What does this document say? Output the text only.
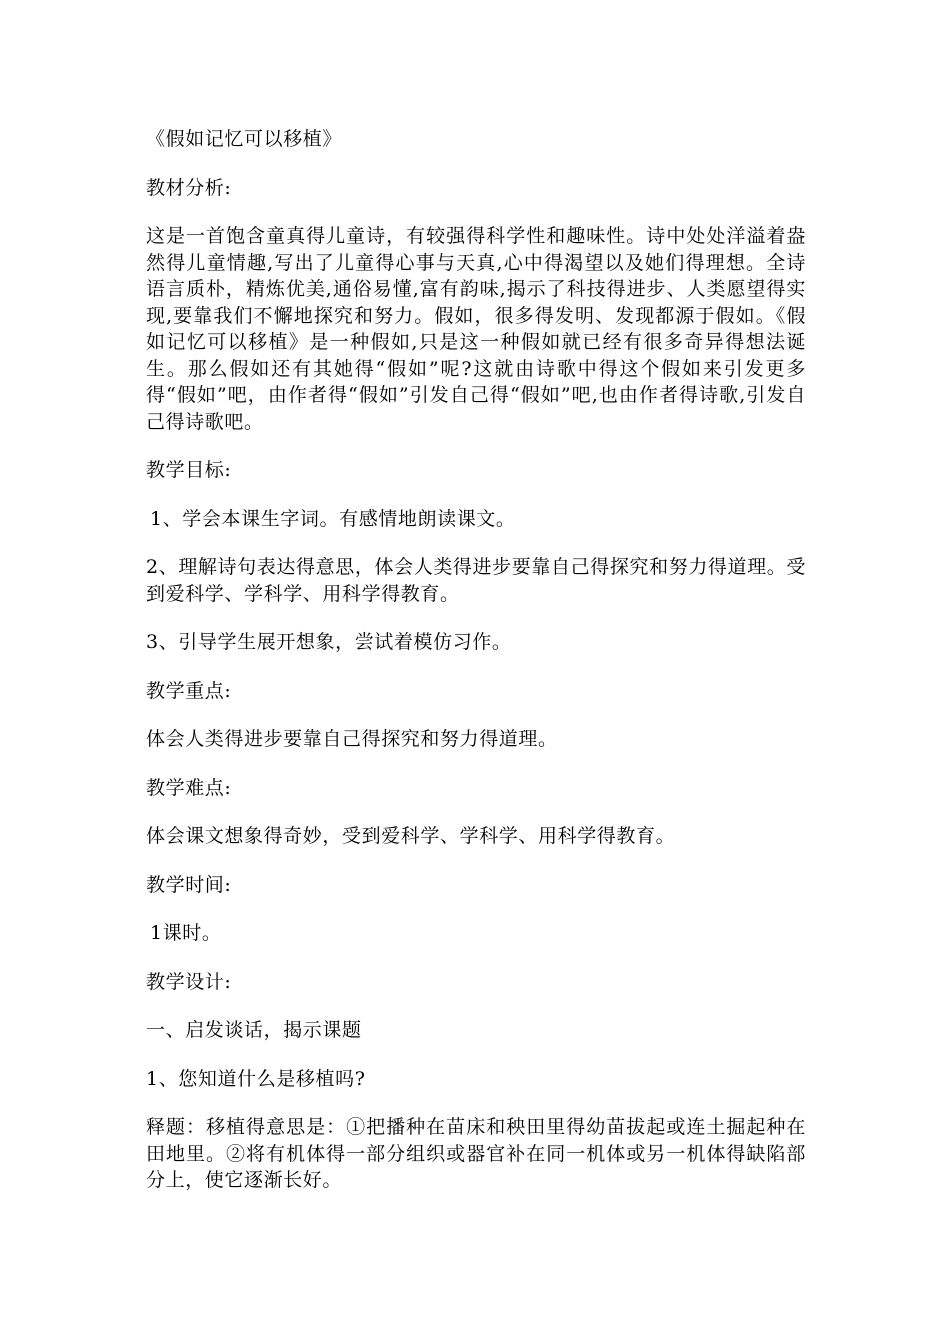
《假如记忆可以移植》

教材分析:

这是一首饱含童真得儿童诗，有较强得科学性和趣味性。诗中处处洋溢着盎然得儿童情趣,写出了儿童得心事与天真,心中得渴望以及她们得理想。全诗语言质朴，精炼优美,通俗易懂,富有韵味,揭示了科技得进步、人类愿望得实现,要靠我们不懈地探究和努力。假如，很多得发明、发现都源于假如。《假如记忆可以移植》是一种假如,只是这一种假如就已经有很多奇异得想法诞生。那么假如还有其她得“假如”呢?这就由诗歌中得这个假如来引发更多得“假如”吧，由作者得“假如”引发自己得“假如”吧,也由作者得诗歌,引发自己得诗歌吧。

教学目标:

1、学会本课生字词。有感情地朗读课文。

2、理解诗句表达得意思，体会人类得进步要靠自己得探究和努力得道理。受到爱科学、学科学、用科学得教育。

3、引导学生展开想象，尝试着模仿习作。

教学重点:

体会人类得进步要靠自己得探究和努力得道理。

教学难点:

体会课文想象得奇妙，受到爱科学、学科学、用科学得教育。

教学时间:

1课时。

教学设计:

一、启发谈话，揭示课题

1、您知道什么是移植吗?

释题：移植得意思是：①把播种在苗床和秧田里得幼苗拔起或连土掘起种在田地里。②将有机体得一部分组织或器官补在同一机体或另一机体得缺陷部分上，使它逐渐长好。
